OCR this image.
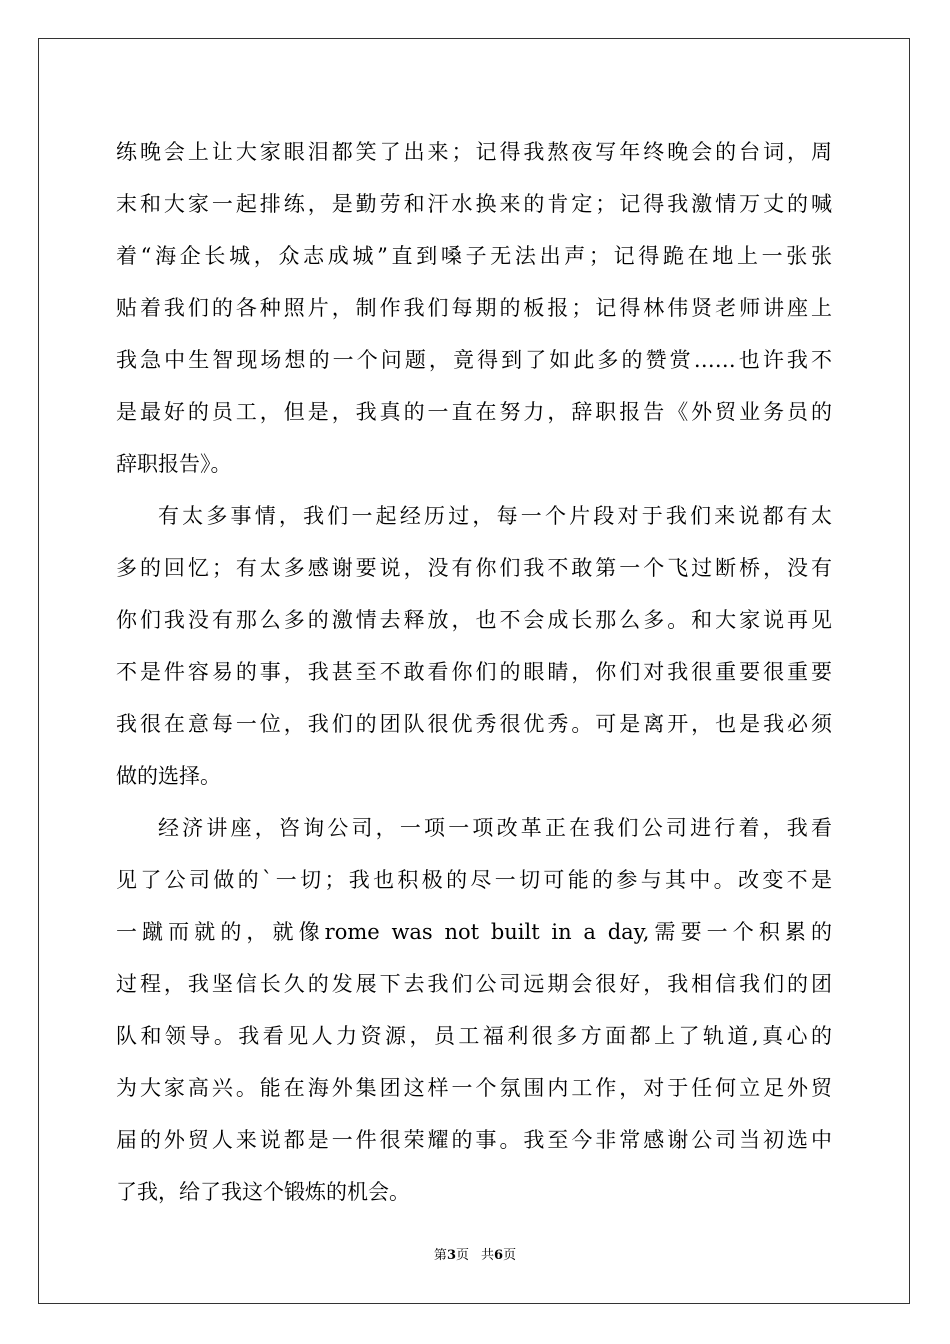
练晚会上让大家眼泪都笑了出来；记得我熬夜写年终晚会的台词，周
末和大家一起排练，是勤劳和汗水换来的肯定；记得我激情万丈的喊
着“海企长城，众志成城”直到嗓子无法出声；记得跪在地上一张张
贴着我们的各种照片，制作我们每期的板报；记得林伟贤老师讲座上
我急中生智现场想的一个问题，竟得到了如此多的赞赏……也许我不
是最好的员工，但是，我真的一直在努力，辞职报告《外贸业务员的
辞职报告》。
有太多事情，我们一起经历过，每一个片段对于我们来说都有太
多的回忆；有太多感谢要说，没有你们我不敢第一个飞过断桥，没有
你们我没有那么多的激情去释放，也不会成长那么多。和大家说再见
不是件容易的事，我甚至不敢看你们的眼睛，你们对我很重要很重要
我很在意每一位，我们的团队很优秀很优秀。可是离开，也是我必须
做的选择。
经济讲座，咨询公司，一项一项改革正在我们公司进行着，我看
见了公司做的`一切；我也积极的尽一切可能的参与其中。改变不是
一蹴而就的，就像rome was not built in a day,需要一个积累的
过程，我坚信长久的发展下去我们公司远期会很好，我相信我们的团
队和领导。我看见人力资源，员工福利很多方面都上了轨道,真心的
为大家高兴。能在海外集团这样一个氛围内工作，对于任何立足外贸
届的外贸人来说都是一件很荣耀的事。我至今非常感谢公司当初选中
了我，给了我这个锻炼的机会。
第3页 共6页
